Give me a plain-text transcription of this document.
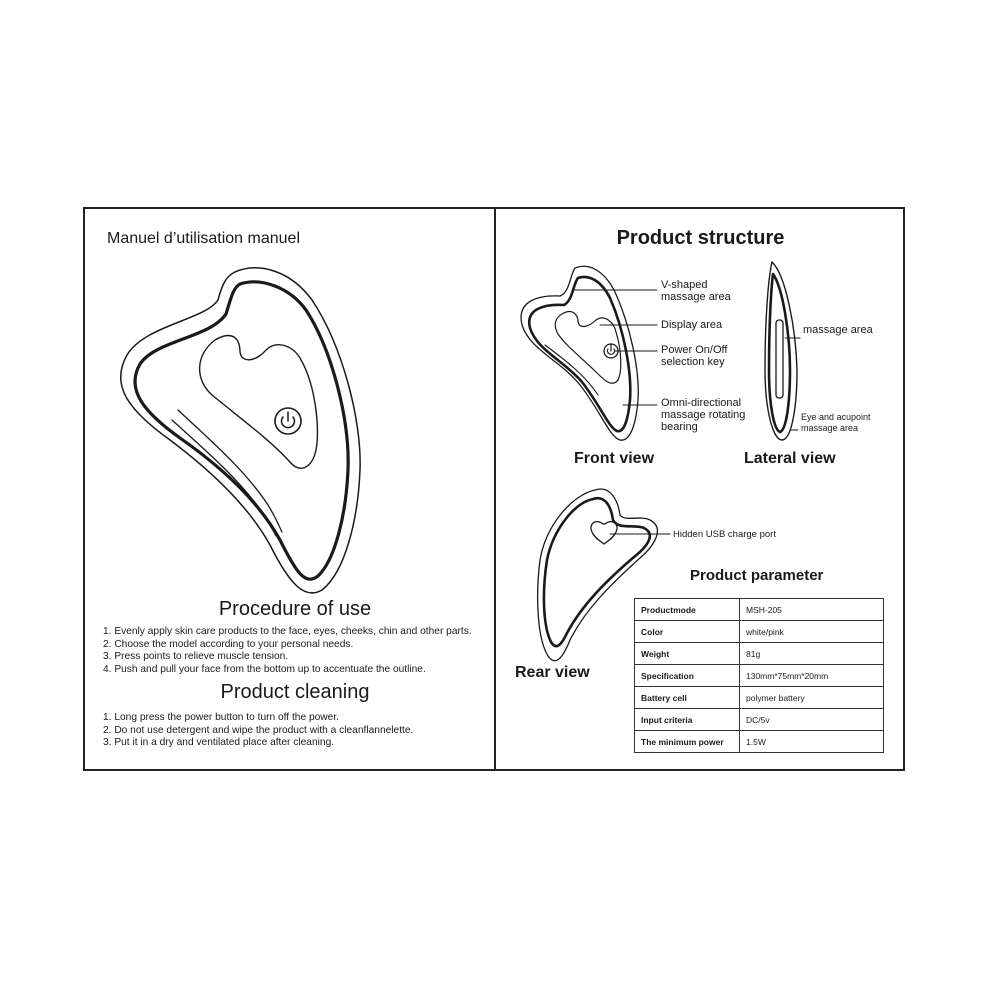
Manuel d’utilisation manuel
Procedure of use
1. Evenly apply skin care products to the face, eyes, cheeks, chin and other parts.
2. Choose the model according to your personal needs.
3. Press points to relieve muscle tension.
4. Push and pull your face from the bottom up to accentuate the outline.
Product cleaning
1. Long press the power button to turn off the power.
2. Do not use detergent and wipe the product with a cleanflannelette.
3. Put it in a dry and ventilated place after cleaning.
Product structure
V-shaped
massage area
Display area
Power On/Off
selection key
Omni-directional
massage rotating
bearing
massage area
Eye and acupoint
massage area
Front view	Lateral view
Hidden USB charge port
Rear view
Product parameter
Productmode	MSH-205
Color	white/pink
Weight	81g
Specification	130mm*75mm*20mm
Battery cell	polymer battery
Input criteria	DC/5v
The minimum power	1.5W
